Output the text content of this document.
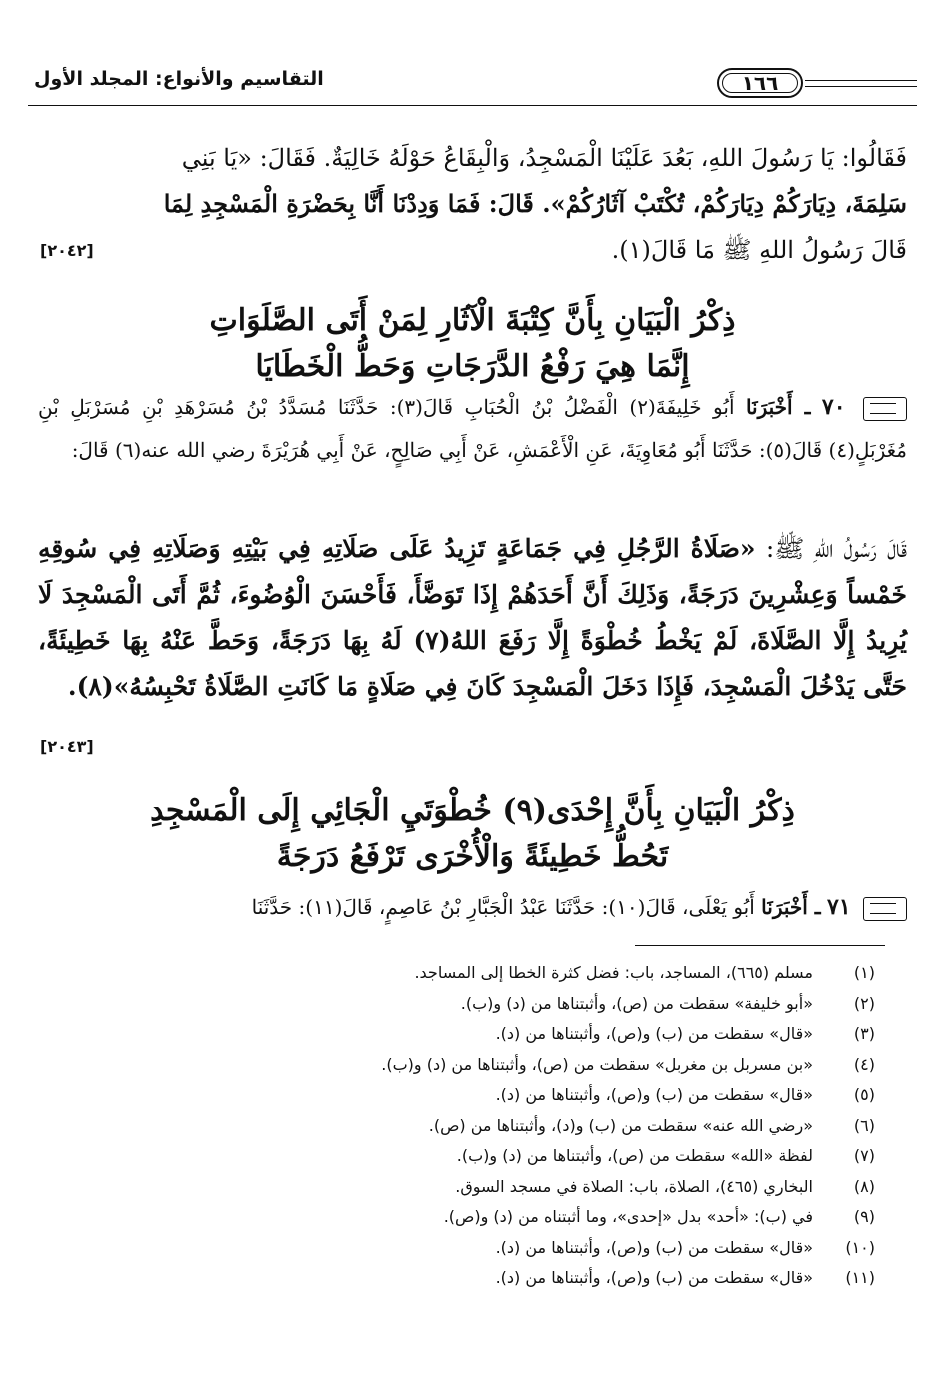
التقاسيم والأنواع: المجلد الأول	١٦٦

فَقَالُوا: يَا رَسُولَ اللهِ، بَعُدَ عَلَيْنَا الْمَسْجِدُ، وَالْبِقَاعُ حَوْلَهُ خَالِيَةٌ. فَقَالَ: «يَا بَنِي

سَلِمَةَ، دِيَارَكُمْ دِيَارَكُمْ، تُكْتَبْ آثَارُكُمْ». قَالَ: فَمَا وَدِدْنَا أَنَّا بِحَضْرَةِ الْمَسْجِدِ لِمَا

قَالَ رَسُولُ اللهِ ﷺ مَا قَالَ(١).

[٢٠٤٢]
ذِكْرُ الْبَيَانِ بِأَنَّ كِتْبَةَ الْآثَارِ لِمَنْ أَتَى الصَّلَوَاتِ
إِنَّمَا هِيَ رَفْعُ الدَّرَجَاتِ وَحَطُّ الْخَطَايَا
٧٠ ـ أَخْبَرَنَا أَبُو خَلِيفَةَ(٢) الْفَضْلُ بْنُ الْحُبَابِ قَالَ(٣): حَدَّثَنَا مُسَدَّدُ بْنُ مُسَرْهَدِ بْنِ مُسَرْبَلِ بْنِ مُغَرْبَلٍ(٤) قَالَ(٥): حَدَّثَنَا أَبُو مُعَاوِيَةَ، عَنِ الْأَعْمَشِ، عَنْ أَبِي صَالِحٍ، عَنْ أَبِي هُرَيْرَةَ رضي الله عنه(٦) قَالَ:

قَالَ رَسُولُ اللهِ ﷺ: «صَلَاةُ الرَّجُلِ فِي جَمَاعَةٍ تَزِيدُ عَلَى صَلَاتِهِ فِي بَيْتِهِ وَصَلَاتِهِ فِي سُوقِهِ خَمْساً وَعِشْرِينَ دَرَجَةً، وَذَلِكَ أَنَّ أَحَدَهُمْ إِذَا تَوَضَّأَ، فَأَحْسَنَ الْوُضُوءَ، ثُمَّ أَتَى الْمَسْجِدَ لَا يُرِيدُ إِلَّا الصَّلَاةَ، لَمْ يَخْطُ خُطْوَةً إِلَّا رَفَعَ اللهُ(٧) لَهُ بِهَا دَرَجَةً، وَحَطَّ عَنْهُ بِهَا خَطِيئَةً، حَتَّى يَدْخُلَ الْمَسْجِدَ، فَإِذَا دَخَلَ الْمَسْجِدَ كَانَ فِي صَلَاةٍ مَا كَانَتِ الصَّلَاةُ تَحْبِسُهُ»(٨).

[٢٠٤٣]
ذِكْرُ الْبَيَانِ بِأَنَّ إِحْدَى(٩) خُطْوَتَيِ الْجَائِي إِلَى الْمَسْجِدِ
تَحُطُّ خَطِيئَةً وَالْأُخْرَى تَرْفَعُ دَرَجَةً
٧١ ـ أَخْبَرَنَا أَبُو يَعْلَى، قَالَ(١٠): حَدَّثَنَا عَبْدُ الْجَبَّارِ بْنُ عَاصِمٍ، قَالَ(١١): حَدَّثَنَا
(١)
مسلم (٦٦٥)، المساجد، باب: فضل كثرة الخطا إلى المساجد.
(٢)
«أبو خليفة» سقطت من (ص)، وأثبتناها من (د) و(ب).
(٣)
«قال» سقطت من (ب) و(ص)، وأثبتناها من (د).
(٤)
«بن مسربل بن مغربل» سقطت من (ص)، وأثبتناها من (د) و(ب).
(٥)
«قال» سقطت من (ب) و(ص)، وأثبتناها من (د).
(٦)
«رضي الله عنه» سقطت من (ب) و(د)، وأثبتناها من (ص).
(٧)
لفظة «الله» سقطت من (ص)، وأثبتناها من (د) و(ب).
(٨)
البخاري (٤٦٥)، الصلاة، باب: الصلاة في مسجد السوق.
(٩)
في (ب): «أحد» بدل «إحدى»، وما أثبتناه من (د) و(ص).
(١٠)
«قال» سقطت من (ب) و(ص)، وأثبتناها من (د).
(١١)
«قال» سقطت من (ب) و(ص)، وأثبتناها من (د).
